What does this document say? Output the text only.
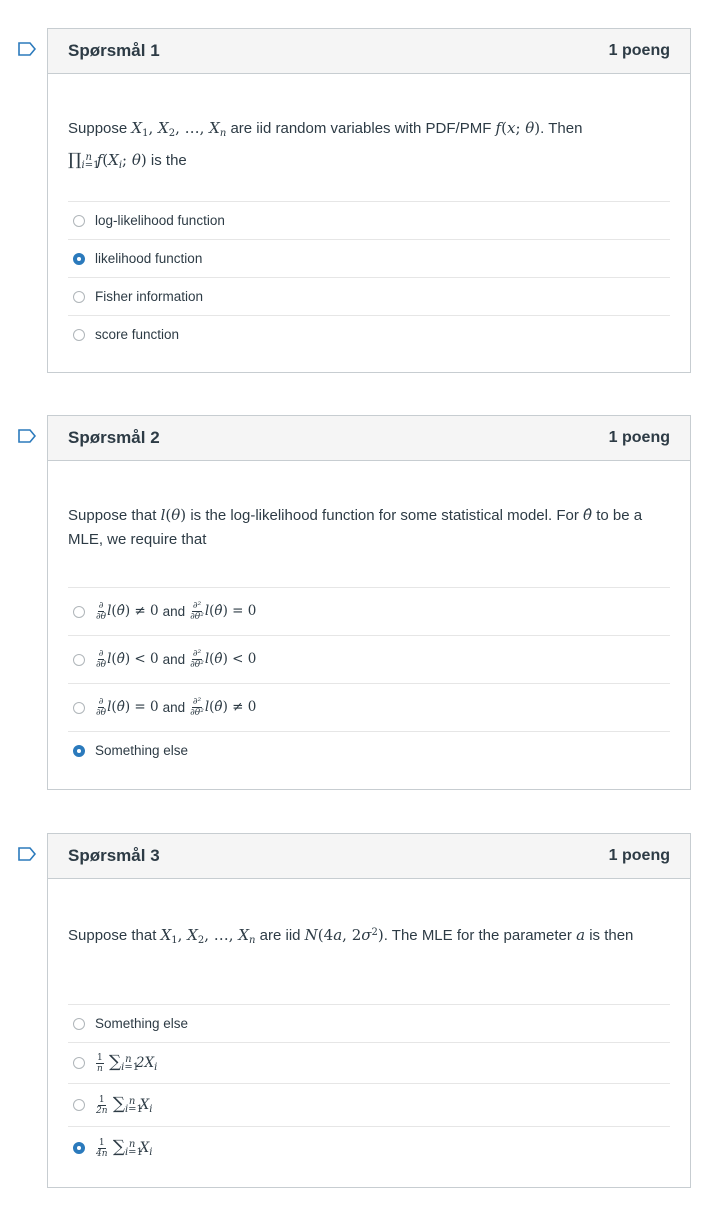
Spørsmål 1	1 poeng
Suppose $X_1$, $X_2$, …, $X_n$ are iid random variables with PDF/PMF f(x; θ). Then
$\prod_{i=1}^n$ $f(X_i$; θ) is the
log-likelihood function
likelihood function
Fisher information
score function
Spørsmål 2	1 poeng
Suppose that l(θ) is the log-likelihood function for some statistical model. For θ̂ to be a MLE, we require that
$\frac{\partial}{\partial\theta}$ l(θ̂) ≠ 0 and $\frac{\text{∂²}}{\text{∂θ²}}$ l(θ̂) = 0
$\frac{\partial}{\partial\theta}$ l(θ̂) < 0 and $\frac{\text{∂²}}{\text{∂θ²}}$ l(θ̂) < 0
$\frac{\partial}{\partial\theta}$ l(θ̂) = 0 and $\frac{\text{∂²}}{\text{∂θ²}}$ l(θ̂) ≠ 0
Something else
Spørsmål 3	1 poeng
Suppose that $X_1$, $X_2$, …, $X_n$ are iid N(4a, $2\sigma^2$). The MLE for the parameter a is then
Something else
$\frac{1}{n} \sum_{i=1}^n$ $2X_i$
$\frac{1}{2n} \sum_{i=1}^n$ $X_i$
$\frac{1}{4n} \sum_{i=1}^n$ $X_i$
